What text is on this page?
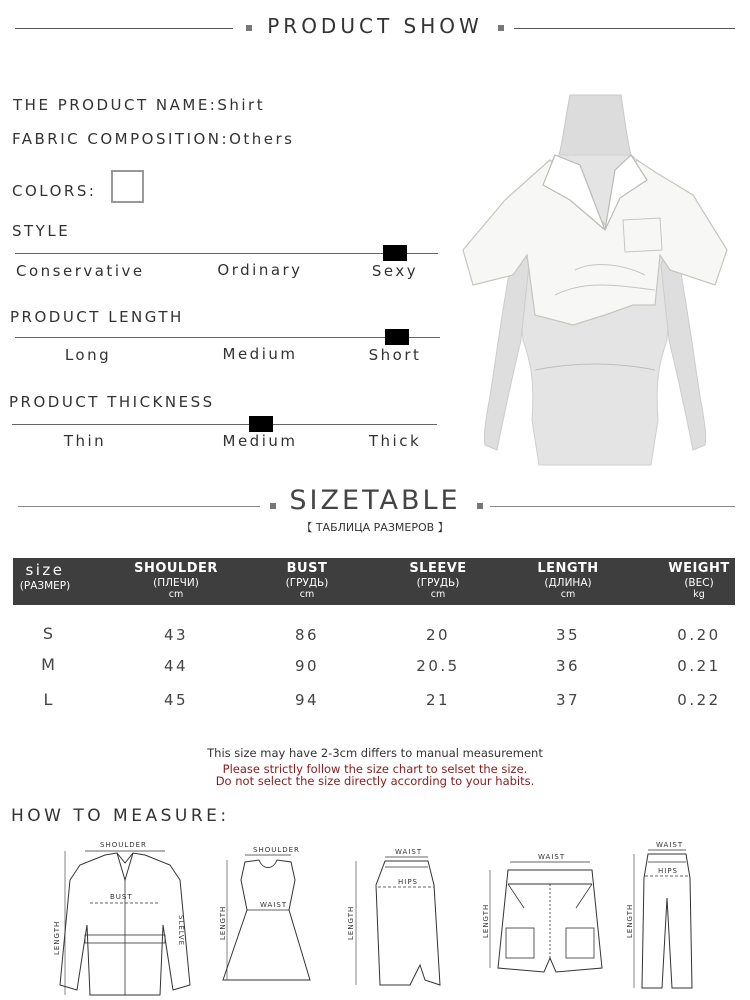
PRODUCT SHOW
THE PRODUCT NAME:Shirt
FABRIC COMPOSITION:Others
COLORS:
STYLE
Conservative	Ordinary	Sexy
PRODUCT LENGTH
Long	Medium	Short
PRODUCT THICKNESS
Thin	Medium	Thick
SIZETABLE
【 ТАБЛИЦА РАЗМЕРОВ 】
size
(РАЗМЕР)
SHOULDER
(ПЛЕЧИ)
cm
BUST
(ГРУДЬ)
cm
SLEEVE
(ГРУДЬ)
cm
LENGTH
(ДЛИНА)
cm
WEIGHT
(ВЕС)
kg
S	43	86	20	35	0.20
M	44	90	20.5	36	0.21
L	45	94	21	37	0.22
This size may have 2-3cm differs to manual measurement
Please strictly follow the size chart to selset the size.
Do not select the size directly according to your habits.
HOW TO MEASURE:
SHOULDER
BUST
LENGTH	SLELVE
SHOULDER
WAIST
LENGTH
WAIST
HIPS
LENGTH
WAIST
LENGTH
WAIST
HIPS
LENGTH
